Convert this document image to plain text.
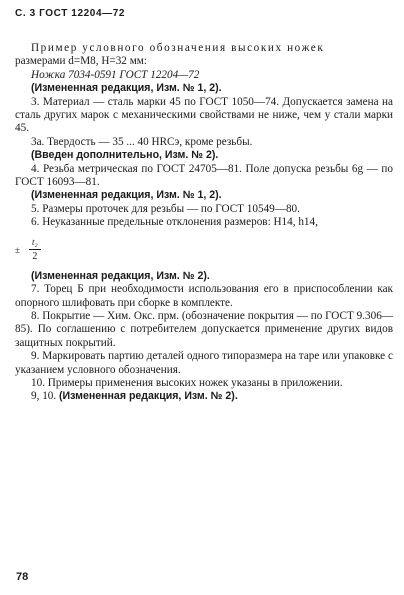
С. 3 ГОСТ 12204—72

Пример условного обозначения высоких ножек

размерами d=M8, H=32 мм:

Ножка 7034-0591 ГОСТ 12204—72

(Измененная редакция, Изм. № 1, 2).

3. Материал — сталь марки 45 по ГОСТ 1050—74. Допускается замена на сталь других марок с механическими свойствами не ниже, чем у стали марки 45.

3а. Твердость — 35 ... 40 HRCэ, кроме резьбы.

(Введен дополнительно, Изм. № 2).

4. Резьба метрическая по ГОСТ 24705—81. Поле допуска резьбы 6g — по ГОСТ 16093—81.

(Измененная редакция, Изм. № 1, 2).

5. Размеры проточек для резьбы — по ГОСТ 10549—80.

6. Неуказанные предельные отклонения размеров: Н14, h14,

± $\frac{\text{t₂}}{2}$

(Измененная редакция, Изм. № 2).

7. Торец Б при необходимости использования его в приспособлении как опорного шлифовать при сборке в комплекте.

8. Покрытие — Хим. Окс. прм. (обозначение покрытия — по ГОСТ 9.306—85). По соглашению с потребителем допускается применение других видов защитных покрытий.

9. Маркировать партию деталей одного типоразмера на таре или упаковке с указанием условного обозначения.

10. Примеры применения высоких ножек указаны в приложении.

9, 10. (Измененная редакция, Изм. № 2).

78
